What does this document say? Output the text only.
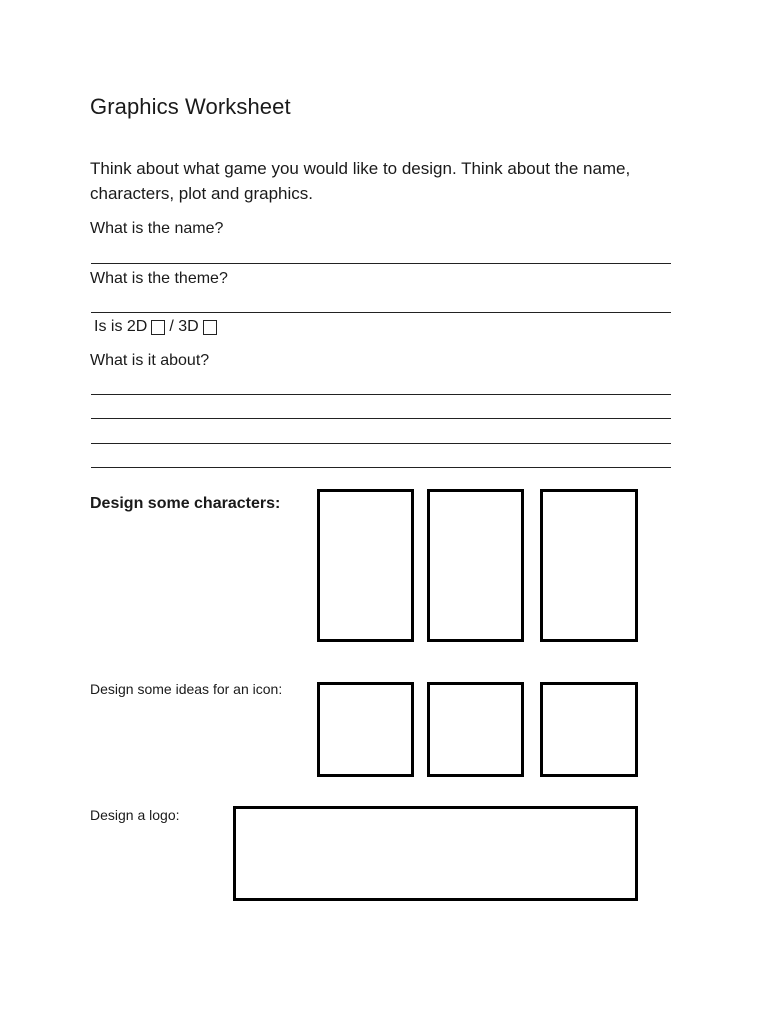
Graphics Worksheet

Think about what game you would like to design. Think about the name, characters, plot and graphics.

What is the name?

What is the theme?

Is is 2D / 3D

What is it about?

Design some characters:

Design some ideas for an icon:

Design a logo:
